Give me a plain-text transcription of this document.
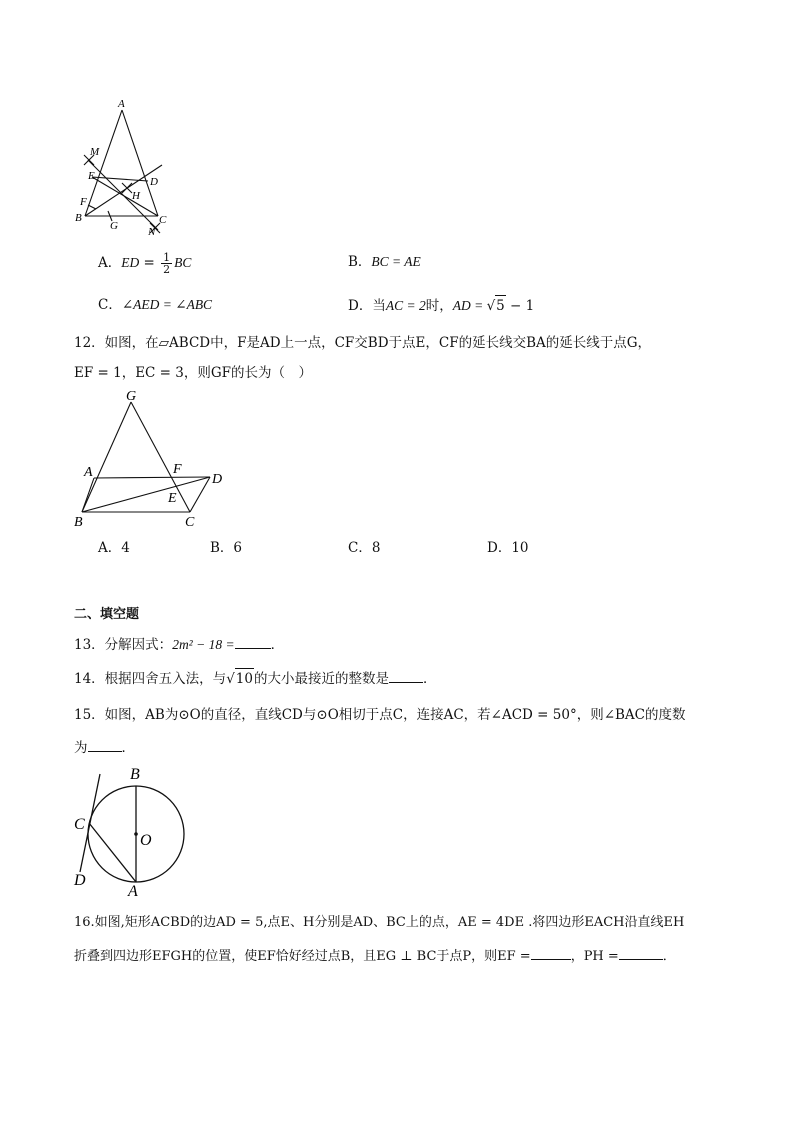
A
M
E	D
H
F
B
G	C
N
A．ED = $\frac{1}{2}$ BC	B．BC = AE
C．∠AED = ∠ABC	D．当AC = 2时，AD = √5 − 1
12．如图，在▱ABCD中，F是AD上一点，CF交BD于点E，CF的延长线交BA的延长线于点G，
EF = 1，EC = 3，则GF的长为（　）
G
A	F
D
E
B	C
A．4	B．6	C．8	D．10
二、填空题
13．分解因式：2m² − 18 =	．
14．根据四舍五入法，与√10的大小最接近的整数是	．
15．如图，AB为⊙O的直径，直线CD与⊙O相切于点C，连接AC，若∠ACD = 50°，则∠BAC的度数
为	．
B
C
O
D
A
16.如图,矩形ACBD的边AD = 5,点E、H分别是AD、BC上的点，AE = 4DE .将四边形EACH沿直线EH
折叠到四边形EFGH的位置，使EF恰好经过点B，且EG ⊥ BC于点P，则EF =	，PH =	．
